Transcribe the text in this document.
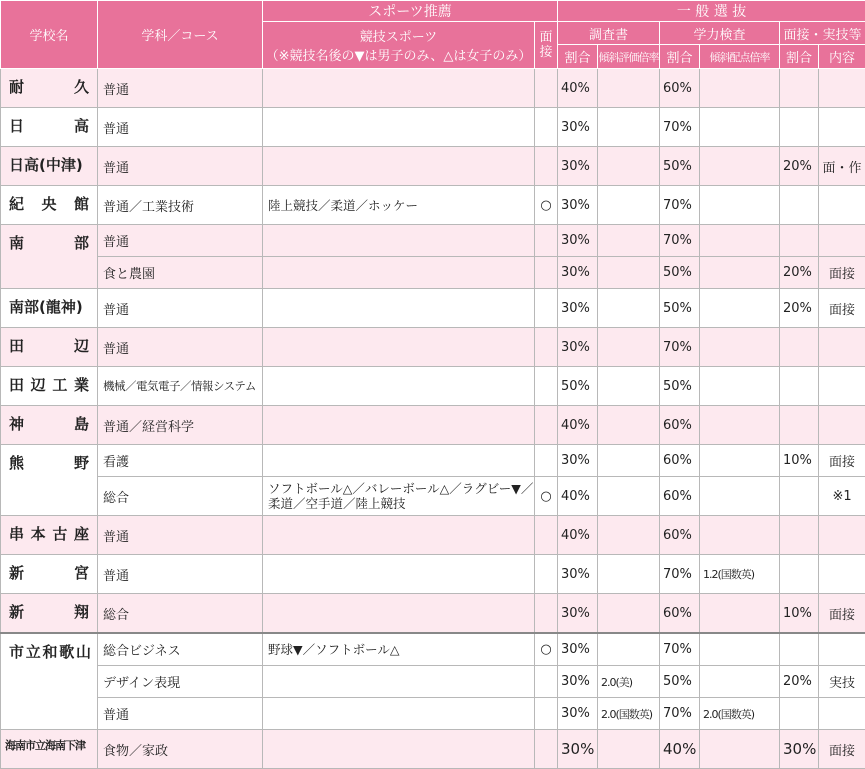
学校名	学科／コース	スポーツ推薦		一 般 選 抜					

		競技スポーツ
（※競技名後の▼は男子のみ、△は女子のみ）	面接	調査書		学力検査		面接・実技等	
				割合	傾斜評価倍率	割合	傾斜配点倍率	割合	内容

耐久	普通			40%		60%			

日高	普通			30%		70%			
日高(中津)	普通			30%		50%		20%	面・作

紀央館	普通／工業技術	陸上競技／柔道／ホッケー	○	30%		70%			

南部	普通			30%		70%			
	食と農園			30%		50%		20%	面接
南部(龍神)	普通			30%		50%		20%	面接

田辺	普通			30%		70%			

田辺工業	機械／電気電子／情報システム			50%		50%			

神島	普通／経営科学			40%		60%			

熊野	看護			30%		60%		10%	面接
	総合	ソフトボール△／バレーボール△／ラグビー▼／柔道／空手道／陸上競技	○	40%		60%			※1

串本古座	普通			40%		60%			

新宮	普通			30%		70%	1.2(国数英)		

新翔	総合			30%		60%		10%	面接

市立和歌山	総合ビジネス	野球▼／ソフトボール△	○	30%		70%			
	デザイン表現			30%	2.0(美)	50%		20%	実技
	普通			30%	2.0(国数英)	70%	2.0(国数英)		
海南市立海南下津	食物／家政			30%		40%		30%	面接
